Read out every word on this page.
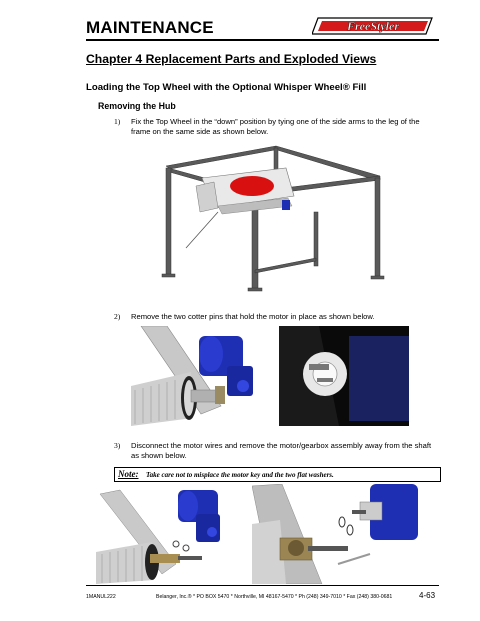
MAINTENANCE	FreeStyler
Chapter 4 Replacement Parts and Exploded Views
Loading the Top Wheel with the Optional Whisper Wheel® Fill
Removing the Hub
1) Fix the Top Wheel in the “down” position by tying one of the side arms to the leg of the
frame on the same side as shown below.
2) Remove the two cotter pins that hold the motor in place as shown below.
3) Disconnect the motor wires and remove the motor/gearbox assembly away from the shaft
as shown below.
Note: Take care not to misplace the motor key and the two flat washers.
1MANUL222	Belanger, Inc.® * PO BOX 5470 * Northville, MI 48167-5470 * Ph (248) 349-7010 * Fax (248) 380-0681	4-63
